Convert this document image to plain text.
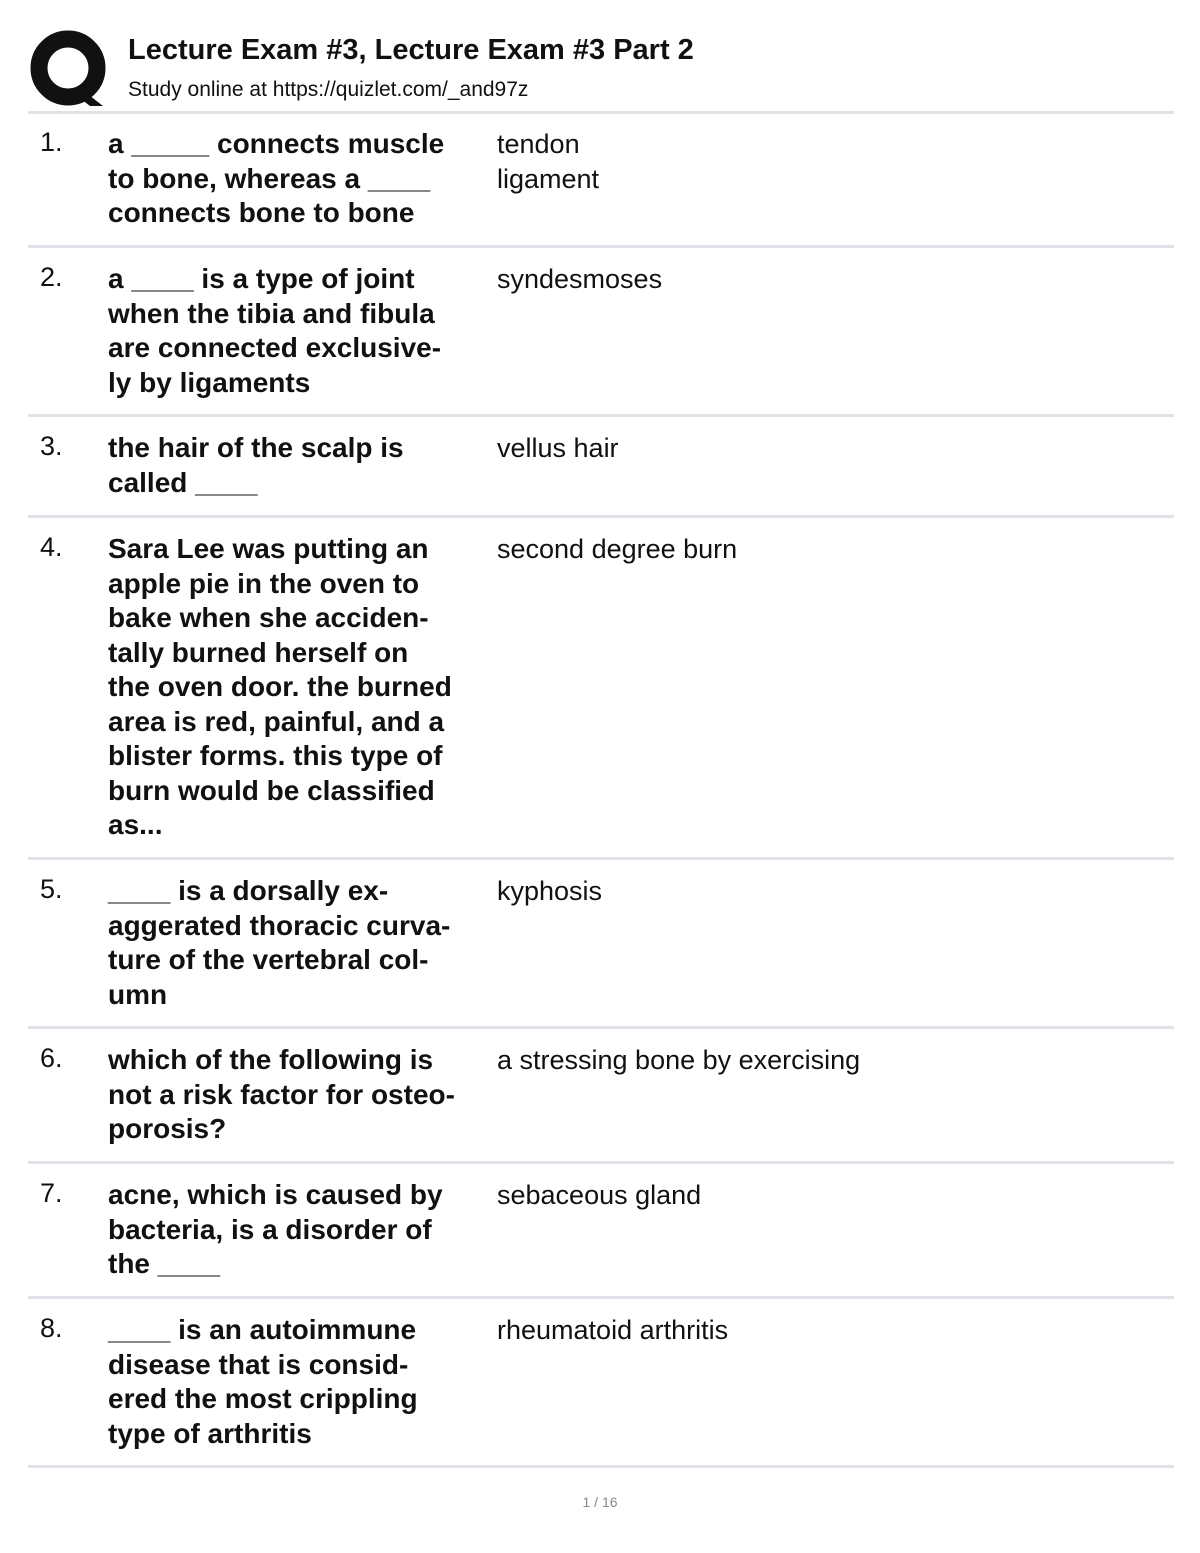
Lecture Exam #3, Lecture Exam #3 Part 2
Study online at https://quizlet.com/_and97z
1. a _____ connects muscle
to bone, whereas a ____
connects bone to bone
tendon
ligament
2. a ____ is a type of joint
when the tibia and fibula
are connected exclusive-
ly by ligaments
syndesmoses
3. the hair of the scalp is
called ____
vellus hair
4. Sara Lee was putting an
apple pie in the oven to
bake when she acciden-
tally burned herself on
the oven door. the burned
area is red, painful, and a
blister forms. this type of
burn would be classified
as...
second degree burn
5. ____ is a dorsally ex-
aggerated thoracic curva-
ture of the vertebral col-
umn
kyphosis
6. which of the following is
not a risk factor for osteo-
porosis?
a stressing bone by exercising
7. acne, which is caused by
bacteria, is a disorder of
the ____
sebaceous gland
8. ____ is an autoimmune
disease that is consid-
ered the most crippling
type of arthritis
rheumatoid arthritis
1 / 16
